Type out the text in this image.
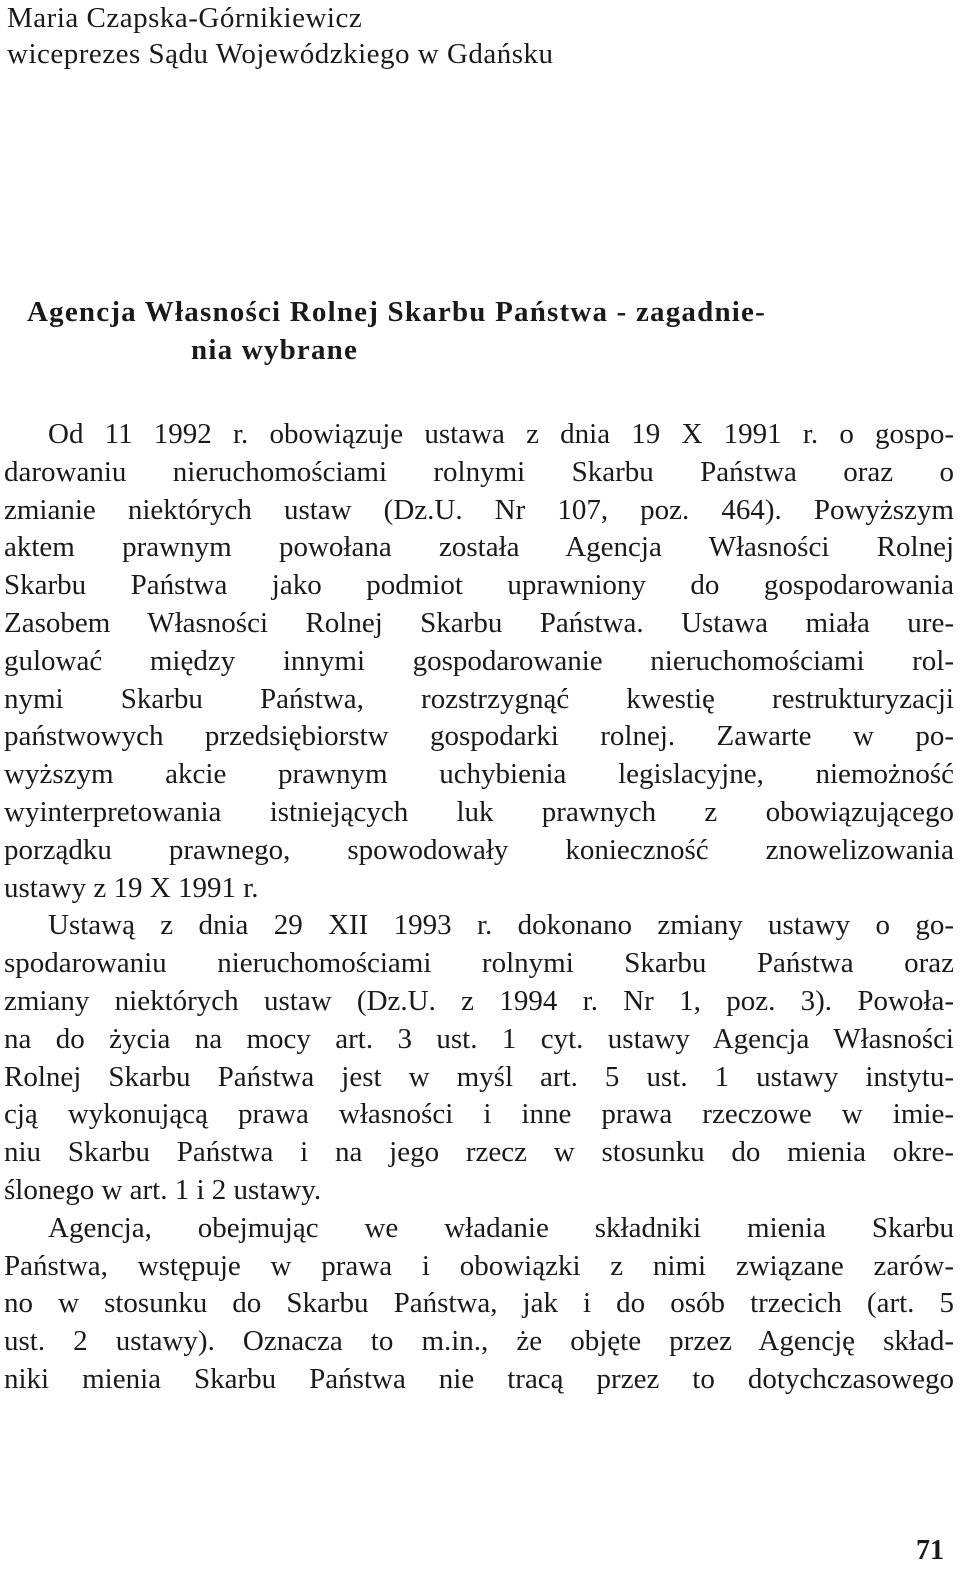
Maria Czapska-Górnikiewicz
wiceprezes Sądu Wojewódzkiego w Gdańsku
Agencja Własności Rolnej Skarbu Państwa - zagadnie-
nia wybrane
Od 11 1992 r. obowiązuje ustawa z dnia 19 X 1991 r. o gospo-
darowaniu nieruchomościami rolnymi Skarbu Państwa oraz o
zmianie niektórych ustaw (Dz.U. Nr 107, poz. 464). Powyższym
aktem prawnym powołana została Agencja Własności Rolnej
Skarbu Państwa jako podmiot uprawniony do gospodarowania
Zasobem Własności Rolnej Skarbu Państwa. Ustawa miała ure-
gulować między innymi gospodarowanie nieruchomościami rol-
nymi Skarbu Państwa, rozstrzygnąć kwestię restrukturyzacji
państwowych przedsiębiorstw gospodarki rolnej. Zawarte w po-
wyższym akcie prawnym uchybienia legislacyjne, niemożność
wyinterpretowania istniejących luk prawnych z obowiązującego
porządku prawnego, spowodowały konieczność znowelizowania
ustawy z 19 X 1991 r.
Ustawą z dnia 29 XII 1993 r. dokonano zmiany ustawy o go-
spodarowaniu nieruchomościami rolnymi Skarbu Państwa oraz
zmiany niektórych ustaw (Dz.U. z 1994 r. Nr 1, poz. 3). Powoła-
na do życia na mocy art. 3 ust. 1 cyt. ustawy Agencja Własności
Rolnej Skarbu Państwa jest w myśl art. 5 ust. 1 ustawy instytu-
cją wykonującą prawa własności i inne prawa rzeczowe w imie-
niu Skarbu Państwa i na jego rzecz w stosunku do mienia okre-
ślonego w art. 1 i 2 ustawy.
Agencja, obejmując we władanie składniki mienia Skarbu
Państwa, wstępuje w prawa i obowiązki z nimi związane zarów-
no w stosunku do Skarbu Państwa, jak i do osób trzecich (art. 5
ust. 2 ustawy). Oznacza to m.in., że objęte przez Agencję skład-
niki mienia Skarbu Państwa nie tracą przez to dotychczasowego
71
